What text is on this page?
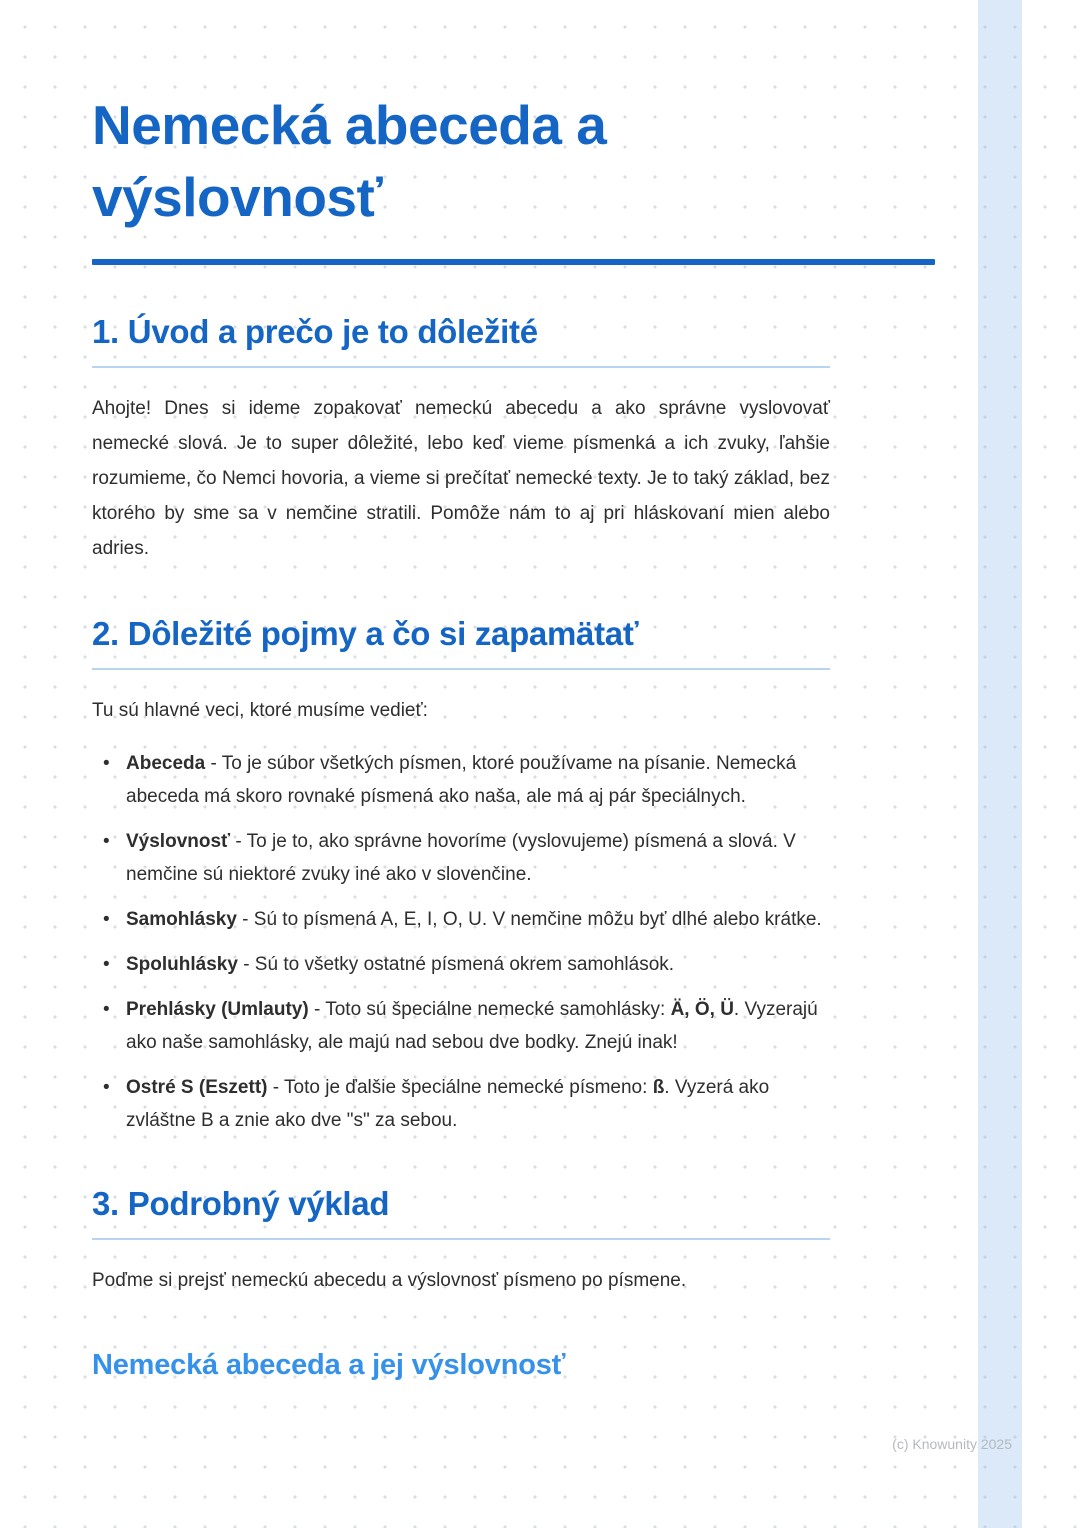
Nemecká abeceda a výslovnosť
1. Úvod a prečo je to dôležité

Ahojte! Dnes si ideme zopakovať nemeckú abecedu a ako správne vyslovovať nemecké slová. Je to super dôležité, lebo keď vieme písmenká a ich zvuky, ľahšie rozumieme, čo Nemci hovoria, a vieme si prečítať nemecké texty. Je to taký základ, bez ktorého by sme sa v nemčine stratili. Pomôže nám to aj pri hláskovaní mien alebo adries.

2. Dôležité pojmy a čo si zapamätať

Tu sú hlavné veci, ktoré musíme vedieť:

• Abeceda - To je súbor všetkých písmen, ktoré používame na písanie. Nemecká abeceda má skoro rovnaké písmená ako naša, ale má aj pár špeciálnych.
• Výslovnosť - To je to, ako správne hovoríme (vyslovujeme) písmená a slová. V nemčine sú niektoré zvuky iné ako v slovenčine.
• Samohlásky - Sú to písmená A, E, I, O, U. V nemčine môžu byť dlhé alebo krátke.
• Spoluhlásky - Sú to všetky ostatné písmená okrem samohlások.
• Prehlásky (Umlauty) - Toto sú špeciálne nemecké samohlásky: Ä, Ö, Ü. Vyzerajú ako naše samohlásky, ale majú nad sebou dve bodky. Znejú inak!
• Ostré S (Eszett) - Toto je ďalšie špeciálne nemecké písmeno: ß. Vyzerá ako zvláštne B a znie ako dve "s" za sebou.
3. Podrobný výklad

Poďme si prejsť nemeckú abecedu a výslovnosť písmeno po písmene.

Nemecká abeceda a jej výslovnosť
(c) Knowunity 2025
